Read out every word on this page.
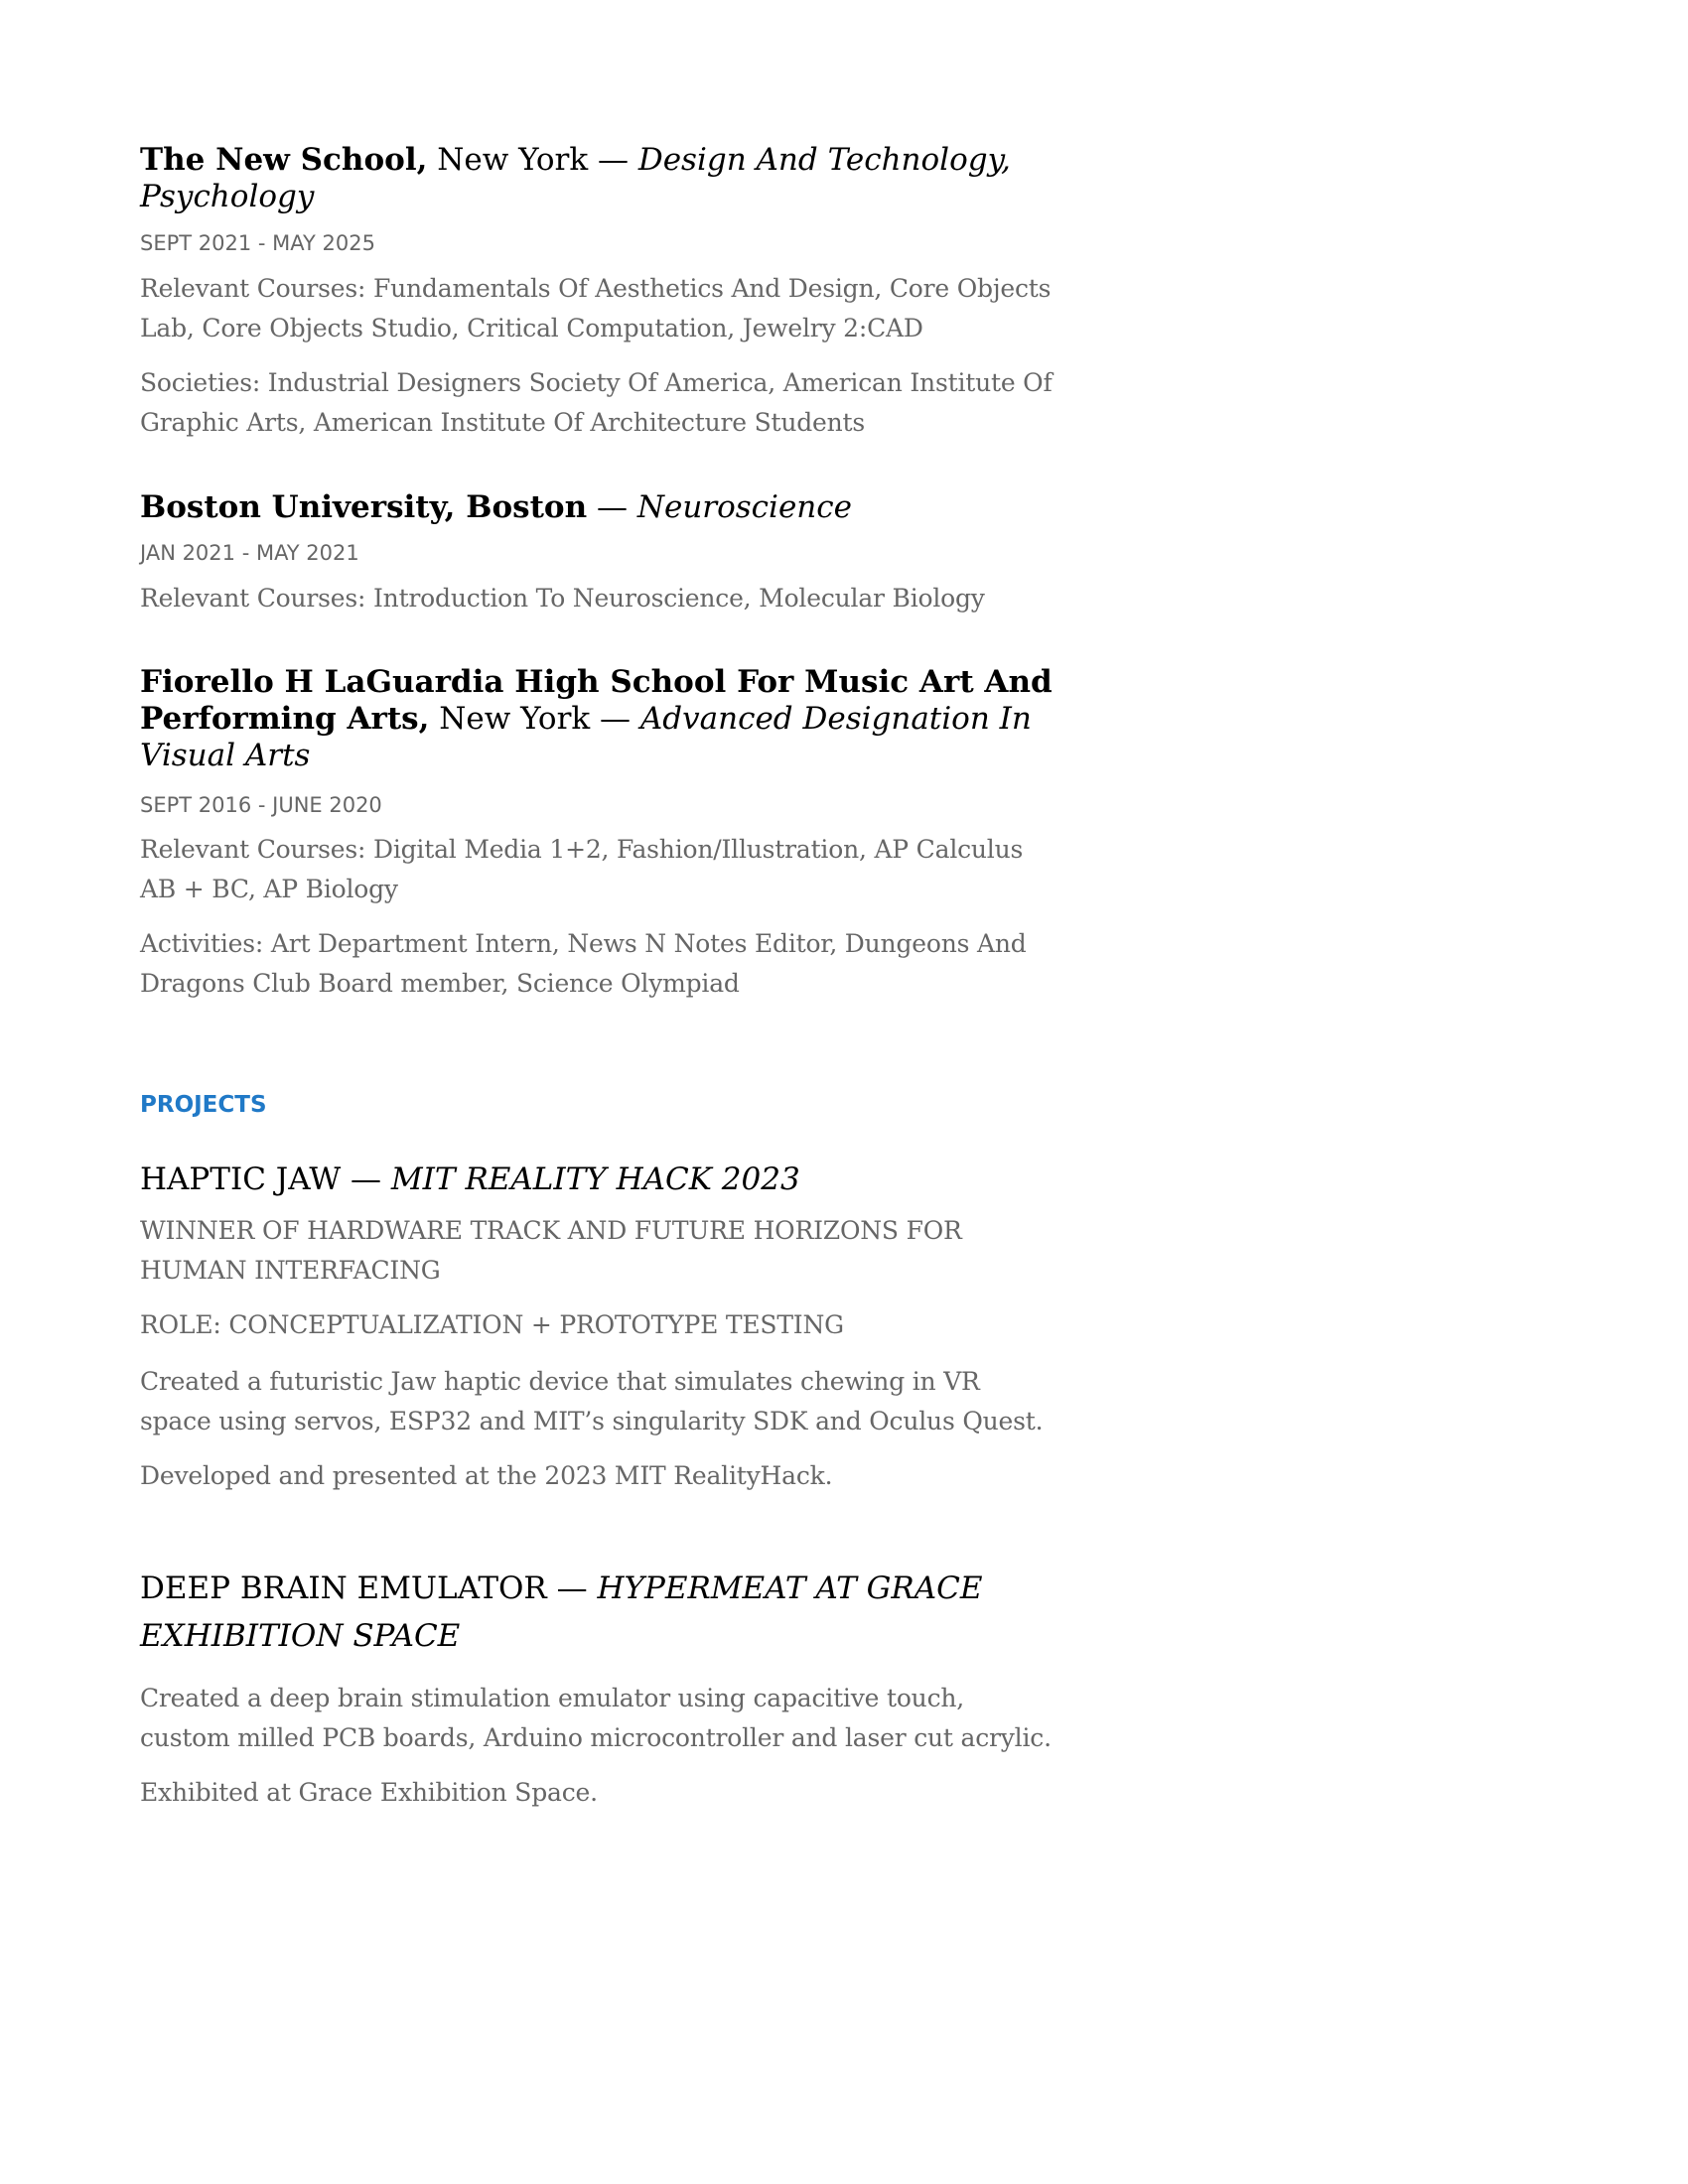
The New School, New York — Design And Technology, Psychology

SEPT 2021 - MAY 2025

Relevant Courses: Fundamentals Of Aesthetics And Design, Core Objects Lab, Core Objects Studio, Critical Computation, Jewelry 2:CAD

Societies: Industrial Designers Society Of America, American Institute Of Graphic Arts, American Institute Of Architecture Students

Boston University, Boston — Neuroscience

JAN 2021 - MAY 2021

Relevant Courses: Introduction To Neuroscience, Molecular Biology

Fiorello H LaGuardia High School For Music Art And Performing Arts, New York — Advanced Designation In Visual Arts

SEPT 2016 - JUNE 2020

Relevant Courses: Digital Media 1+2, Fashion/Illustration, AP Calculus AB + BC, AP Biology

Activities: Art Department Intern, News N Notes Editor, Dungeons And Dragons Club Board member, Science Olympiad

PROJECTS

HAPTIC JAW — MIT REALITY HACK 2023

WINNER OF HARDWARE TRACK AND FUTURE HORIZONS FOR HUMAN INTERFACING

ROLE: CONCEPTUALIZATION + PROTOTYPE TESTING

Created a futuristic Jaw haptic device that simulates chewing in VR space using servos, ESP32 and MIT’s singularity SDK and Oculus Quest.

Developed and presented at the 2023 MIT RealityHack.

DEEP BRAIN EMULATOR — HYPERMEAT AT GRACE EXHIBITION SPACE

Created a deep brain stimulation emulator using capacitive touch, custom milled PCB boards, Arduino microcontroller and laser cut acrylic.

Exhibited at Grace Exhibition Space.
